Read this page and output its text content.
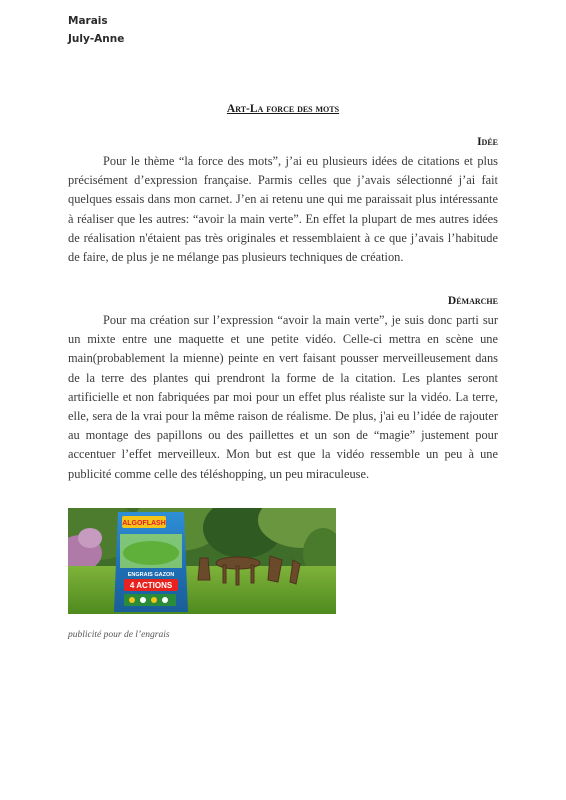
Marais
July-Anne
Art-La force des mots
Idée

Pour le thème “la force des mots”, j’ai eu plusieurs idées de citations et plus précisément d’expression française. Parmis celles que j’avais sélectionné j’ai fait quelques essais dans mon carnet. J’en ai retenu une qui me paraissait plus intéressante à réaliser que les autres: “avoir la main verte”. En effet la plupart de mes autres idées de réalisation n'étaient pas très originales et ressemblaient à ce que j’avais l’habitude de faire, de plus je ne mélange pas plusieurs techniques de création.

Démarche

Pour ma création sur l’expression “avoir la main verte”, je suis donc parti sur un mixte entre une maquette et une petite vidéo. Celle-ci mettra en scène une main(probablement la mienne) peinte en vert faisant pousser merveilleusement dans de la terre des plantes qui prendront la forme de la citation. Les plantes seront artificielle et non fabriquées par moi pour un effet plus réaliste sur la vidéo. La terre, elle, sera de la vrai pour la même raison de réalisme. De plus, j'ai eu l’idée de rajouter au montage des papillons ou des paillettes et un son de “magie” justement pour accentuer l’effet merveilleux. Mon but est que la vidéo ressemble un peu à une publicité comme celle des téléshopping, un peu miraculeuse.

ALGOFLASH
ENGRAIS GAZON
4 ACTIONS
publicité pour de l’engrais
